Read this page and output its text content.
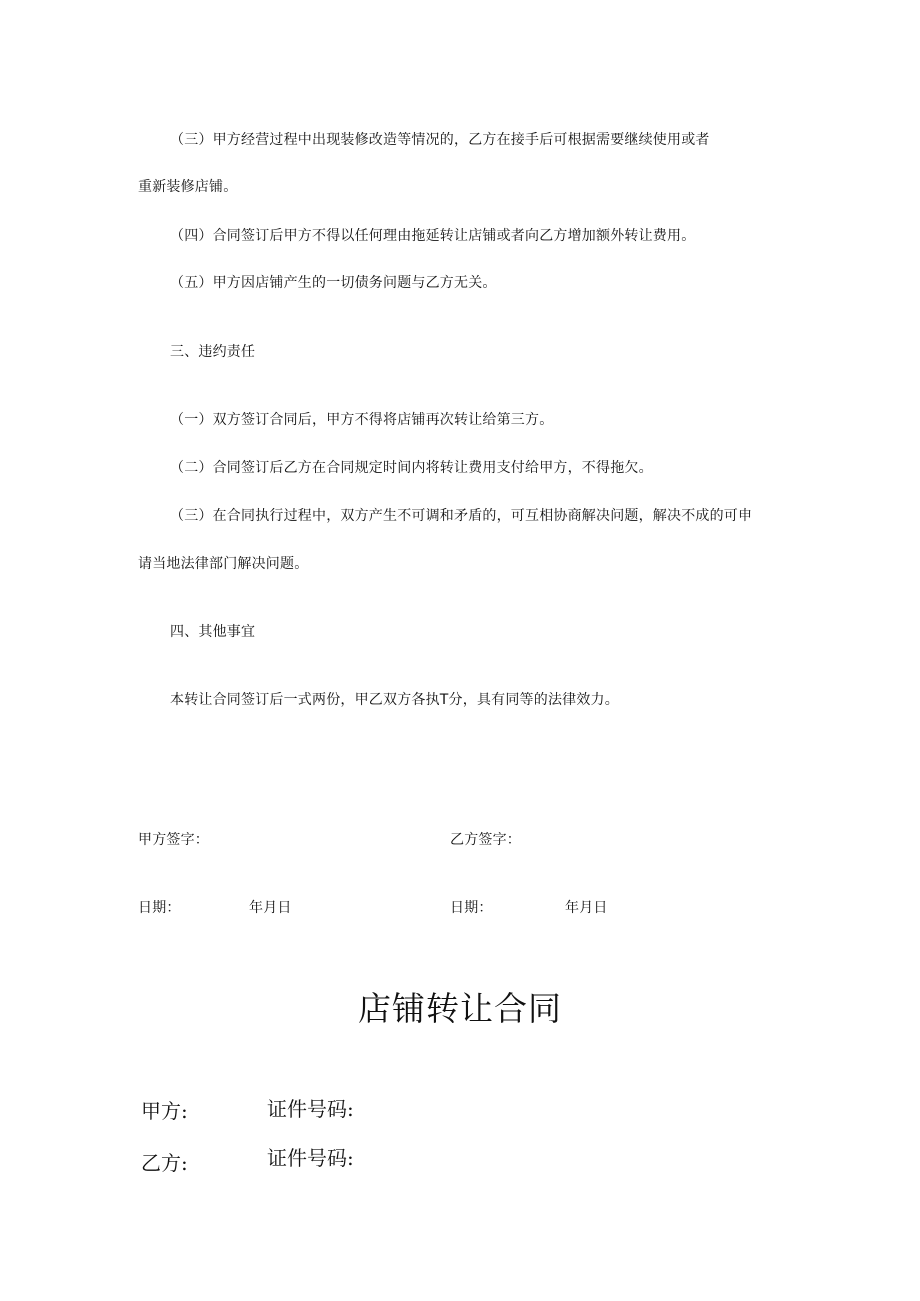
（三）甲方经营过程中出现装修改造等情况的，乙方在接手后可根据需要继续使用或者
重新装修店铺。
（四）合同签订后甲方不得以任何理由拖延转让店铺或者向乙方增加额外转让费用。
（五）甲方因店铺产生的一切债务问题与乙方无关。
三、违约责任
（一）双方签订合同后，甲方不得将店铺再次转让给第三方。
（二）合同签订后乙方在合同规定时间内将转让费用支付给甲方，不得拖欠。
（三）在合同执行过程中，双方产生不可调和矛盾的，可互相协商解决问题，解决不成的可申
请当地法律部门解决问题。
四、其他事宜
本转让合同签订后一式两份，甲乙双方各执T分，具有同等的法律效力。
甲方签字：	乙方签字：
日期：	年月日	日期：	年月日
店铺转让合同
甲方:	证件号码:
乙方:	证件号码:
